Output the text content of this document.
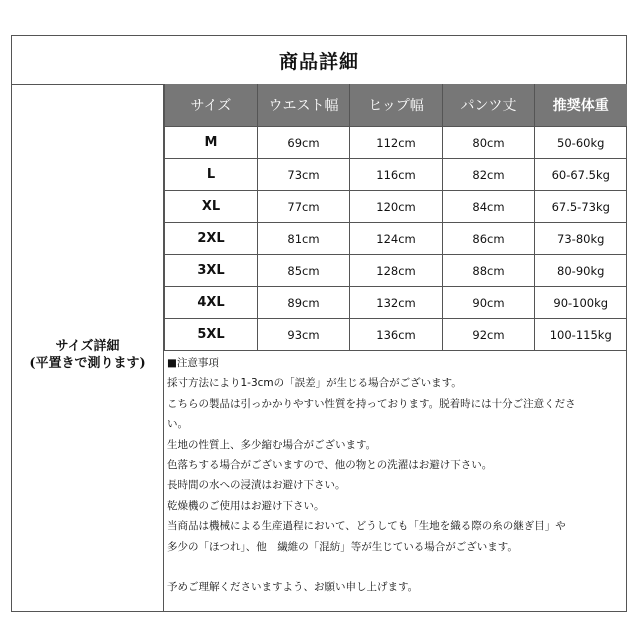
商品詳細
サイズ詳細
(平置きで測ります)
サイズ	ウエスト幅	ヒップ幅	パンツ丈	推奨体重
M	69cm	112cm	80cm	50-60kg
L	73cm	116cm	82cm	60-67.5kg
XL	77cm	120cm	84cm	67.5-73kg
2XL	81cm	124cm	86cm	73-80kg
3XL	85cm	128cm	88cm	80-90kg
4XL	89cm	132cm	90cm	90-100kg
5XL	93cm	136cm	92cm	100-115kg
■注意事項
採寸方法により1-3cmの「誤差」が生じる場合がございます。
こちらの製品は引っかかりやすい性質を持っております。脱着時には十分ご注意くださ
い。
生地の性質上、多少縮む場合がございます。
色落ちする場合がございますので、他の物との洗濯はお避け下さい。
長時間の水への浸漬はお避け下さい。
乾燥機のご使用はお避け下さい。
当商品は機械による生産過程において、どうしても「生地を織る際の糸の継ぎ目」や
多少の「ほつれ」、他　繊維の「混紡」等が生じている場合がございます。

予めご理解くださいますよう、お願い申し上げます。
